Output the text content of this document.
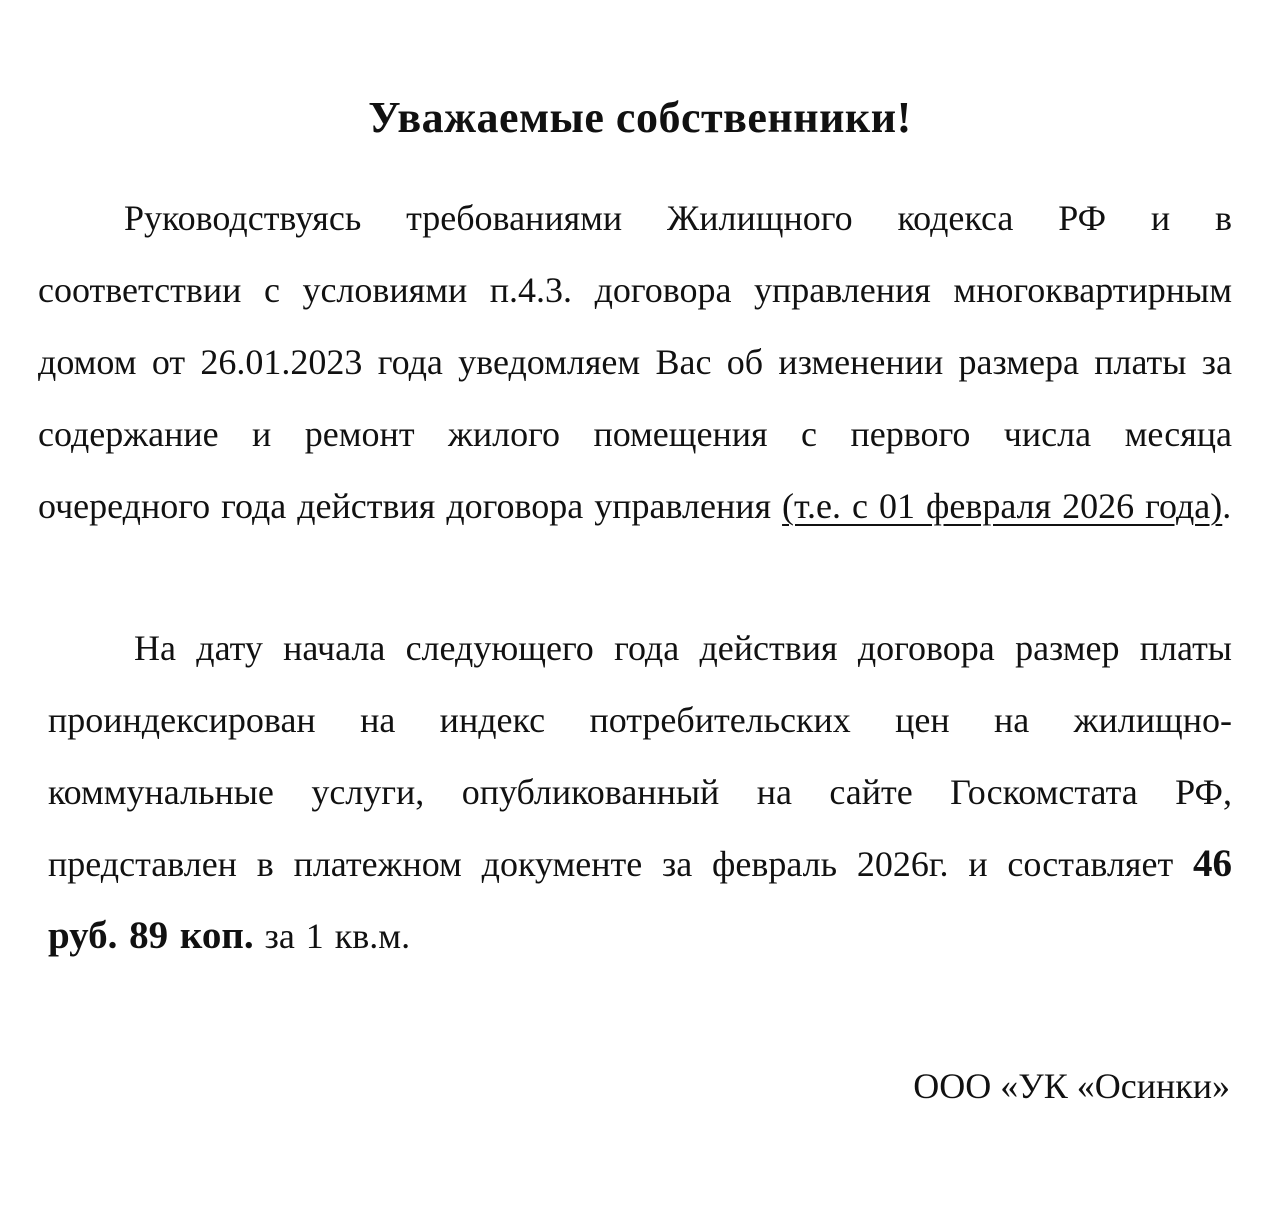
Уважаемые собственники!

Руководствуясь требованиями Жилищного кодекса РФ и в соответствии с условиями п.4.3. договора управления многоквартирным домом от 26.01.2023 года уведомляем Вас об изменении размера платы за содержание и ремонт жилого помещения с первого числа месяца очередного года действия договора управления (т.е. с 01 февраля 2026 года).

На дату начала следующего года действия договора размер платы проиндексирован на индекс потребительских цен на жилищно-коммунальные услуги, опубликованный на сайте Госкомстата РФ, представлен в платежном документе за февраль 2026г. и составляет 46 руб. 89 коп. за 1 кв.м.

ООО «УК «Осинки»
